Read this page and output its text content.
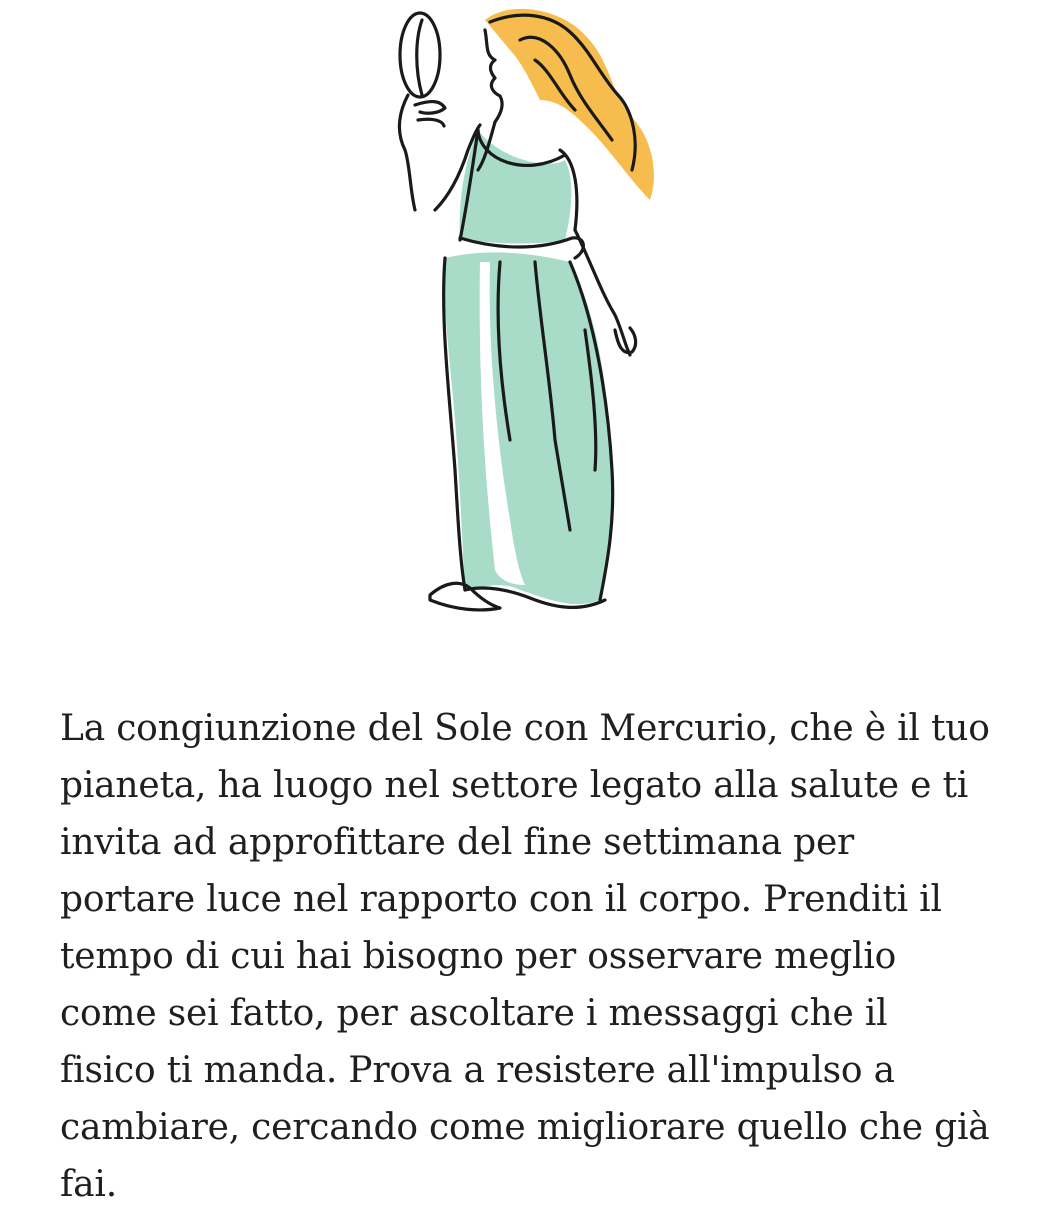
La congiunzione del Sole con Mercurio, che è il tuo pianeta, ha luogo nel settore legato alla salute e ti invita ad approfittare del fine settimana per portare luce nel rapporto con il corpo. Prenditi il tempo di cui hai bisogno per osservare meglio come sei fatto, per ascoltare i messaggi che il fisico ti manda. Prova a resistere all'impulso a cambiare, cercando come migliorare quello che già fai.
